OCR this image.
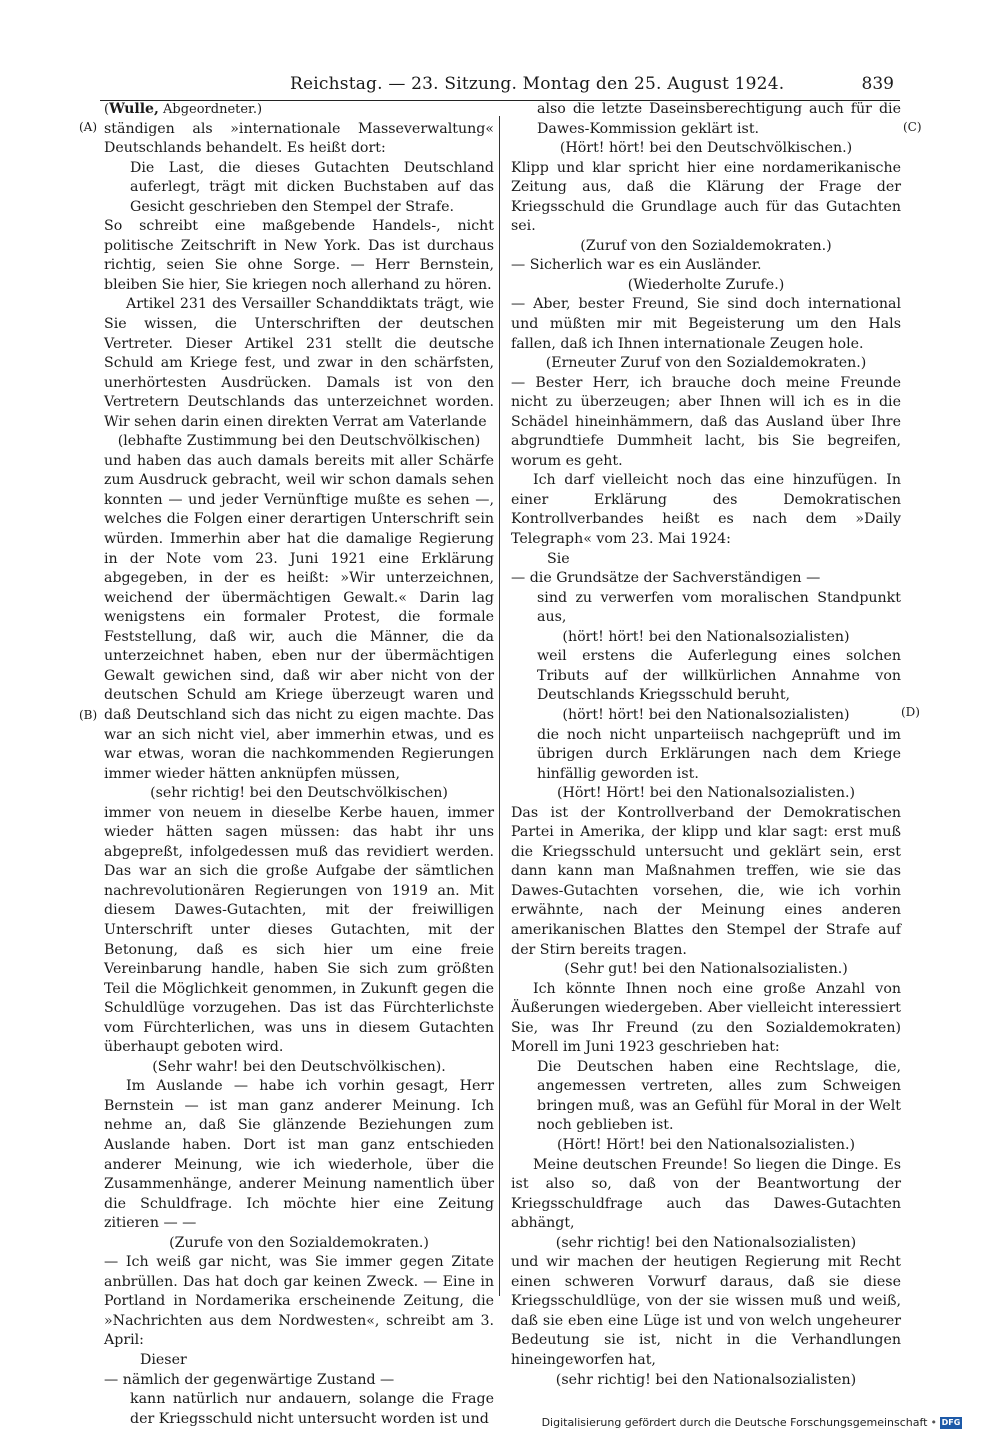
Reichstag. — 23. Sitzung. Montag den 25. August 1924.	839
(A)
(B)
(C)
(D)

(Wulle, Abgeordneter.)

ständigen als »internationale Masseverwaltung« Deutschlands behandelt. Es heißt dort:

Die Last, die dieses Gutachten Deutschland auferlegt, trägt mit dicken Buchstaben auf das Gesicht geschrieben den Stempel der Strafe.

So schreibt eine maßgebende Handels-, nicht politische Zeitschrift in New York. Das ist durchaus richtig, seien Sie ohne Sorge. — Herr Bernstein, bleiben Sie hier, Sie kriegen noch allerhand zu hören.

Artikel 231 des Versailler Schanddiktats trägt, wie Sie wissen, die Unterschriften der deutschen Vertreter. Dieser Artikel 231 stellt die deutsche Schuld am Kriege fest, und zwar in den schärfsten, unerhörtesten Ausdrücken. Damals ist von den Vertretern Deutschlands das unterzeichnet worden. Wir sehen darin einen direkten Verrat am Vaterlande

(lebhafte Zustimmung bei den Deutschvölkischen)

und haben das auch damals bereits mit aller Schärfe zum Ausdruck gebracht, weil wir schon damals sehen konnten — und jeder Vernünftige mußte es sehen —, welches die Folgen einer derartigen Unterschrift sein würden. Immerhin aber hat die damalige Regierung in der Note vom 23. Juni 1921 eine Erklärung abgegeben, in der es heißt: »Wir unterzeichnen, weichend der übermächtigen Gewalt.« Darin lag wenigstens ein formaler Protest, die formale Feststellung, daß wir, auch die Männer, die da unterzeichnet haben, eben nur der übermächtigen Gewalt gewichen sind, daß wir aber nicht von der deutschen Schuld am Kriege überzeugt waren und daß Deutschland sich das nicht zu eigen machte. Das war an sich nicht viel, aber immerhin etwas, und es war etwas, woran die nachkommenden Regierungen immer wieder hätten anknüpfen müssen,

(sehr richtig! bei den Deutschvölkischen)

immer von neuem in dieselbe Kerbe hauen, immer wieder hätten sagen müssen: das habt ihr uns abgepreßt, infolgedessen muß das revidiert werden. Das war an sich die große Aufgabe der sämtlichen nachrevolutionären Regierungen von 1919 an. Mit diesem Dawes-Gutachten, mit der freiwilligen Unterschrift unter dieses Gutachten, mit der Betonung, daß es sich hier um eine freie Vereinbarung handle, haben Sie sich zum größten Teil die Möglichkeit genommen, in Zukunft gegen die Schuldlüge vorzugehen. Das ist das Fürchterlichste vom Fürchterlichen, was uns in diesem Gutachten überhaupt geboten wird.

(Sehr wahr! bei den Deutschvölkischen).

Im Auslande — habe ich vorhin gesagt, Herr Bernstein — ist man ganz anderer Meinung. Ich nehme an, daß Sie glänzende Beziehungen zum Auslande haben. Dort ist man ganz entschieden anderer Meinung, wie ich wiederhole, über die Zusammenhänge, anderer Meinung namentlich über die Schuldfrage. Ich möchte hier eine Zeitung zitieren — —

(Zurufe von den Sozialdemokraten.)

— Ich weiß gar nicht, was Sie immer gegen Zitate anbrüllen. Das hat doch gar keinen Zweck. — Eine in Portland in Nordamerika erscheinende Zeitung, die »Nachrichten aus dem Nordwesten«, schreibt am 3. April:

Dieser

— nämlich der gegenwärtige Zustand —

kann natürlich nur andauern, solange die Frage der Kriegsschuld nicht untersucht worden ist und

also die letzte Daseinsberechtigung auch für die Dawes-Kommission geklärt ist.

(Hört! hört! bei den Deutschvölkischen.)

Klipp und klar spricht hier eine nordamerikanische Zeitung aus, daß die Klärung der Frage der Kriegsschuld die Grundlage auch für das Gutachten sei.

(Zuruf von den Sozialdemokraten.)

— Sicherlich war es ein Ausländer.

(Wiederholte Zurufe.)

— Aber, bester Freund, Sie sind doch international und müßten mir mit Begeisterung um den Hals fallen, daß ich Ihnen internationale Zeugen hole.

(Erneuter Zuruf von den Sozialdemokraten.)

— Bester Herr, ich brauche doch meine Freunde nicht zu überzeugen; aber Ihnen will ich es in die Schädel hineinhämmern, daß das Ausland über Ihre abgrundtiefe Dummheit lacht, bis Sie begreifen, worum es geht.

Ich darf vielleicht noch das eine hinzufügen. In einer Erklärung des Demokratischen Kontrollverbandes heißt es nach dem »Daily Telegraph« vom 23. Mai 1924:

Sie

— die Grundsätze der Sachverständigen —

sind zu verwerfen vom moralischen Standpunkt aus,

(hört! hört! bei den Nationalsozialisten)

weil erstens die Auferlegung eines solchen Tributs auf der willkürlichen Annahme von Deutschlands Kriegsschuld beruht,

(hört! hört! bei den Nationalsozialisten)

die noch nicht unparteiisch nachgeprüft und im übrigen durch Erklärungen nach dem Kriege hinfällig geworden ist.

(Hört! Hört! bei den Nationalsozialisten.)

Das ist der Kontrollverband der Demokratischen Partei in Amerika, der klipp und klar sagt: erst muß die Kriegsschuld untersucht und geklärt sein, erst dann kann man Maßnahmen treffen, wie sie das Dawes-Gutachten vorsehen, die, wie ich vorhin erwähnte, nach der Meinung eines anderen amerikanischen Blattes den Stempel der Strafe auf der Stirn bereits tragen.

(Sehr gut! bei den Nationalsozialisten.)

Ich könnte Ihnen noch eine große Anzahl von Äußerungen wiedergeben. Aber vielleicht interessiert Sie, was Ihr Freund (zu den Sozialdemokraten) Morell im Juni 1923 geschrieben hat:

Die Deutschen haben eine Rechtslage, die, angemessen vertreten, alles zum Schweigen bringen muß, was an Gefühl für Moral in der Welt noch geblieben ist.

(Hört! Hört! bei den Nationalsozialisten.)

Meine deutschen Freunde! So liegen die Dinge. Es ist also so, daß von der Beantwortung der Kriegsschuldfrage auch das Dawes-Gutachten abhängt,

(sehr richtig! bei den Nationalsozialisten)

und wir machen der heutigen Regierung mit Recht einen schweren Vorwurf daraus, daß sie diese Kriegsschuldlüge, von der sie wissen muß und weiß, daß sie eben eine Lüge ist und von welch ungeheurer Bedeutung sie ist, nicht in die Verhandlungen hineingeworfen hat,

(sehr richtig! bei den Nationalsozialisten)

Digitalisierung gefördert durch die Deutsche Forschungsgemeinschaft • DFG
